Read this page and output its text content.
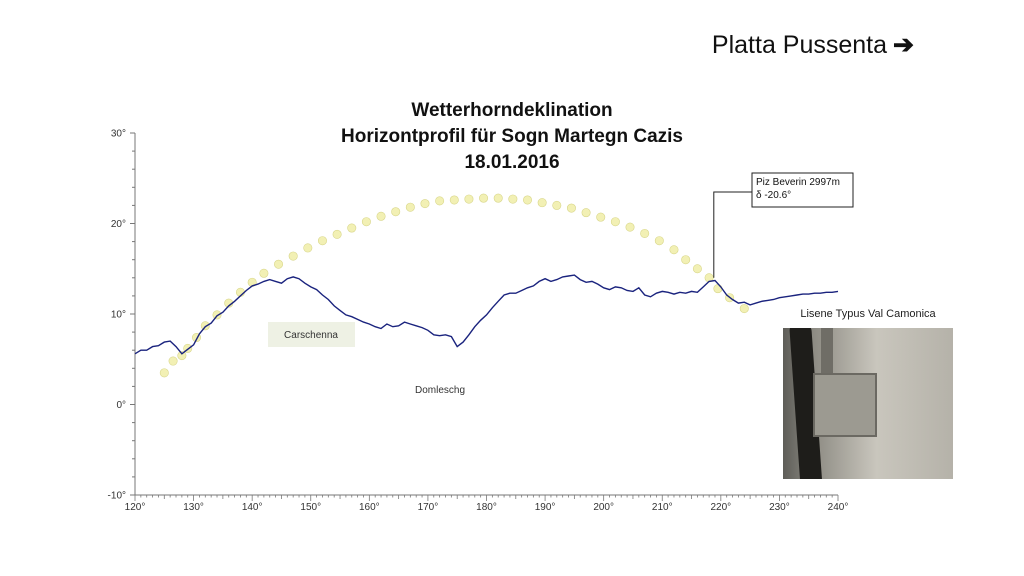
Platta Pussenta ➔
Wetterhorndeklination
Horizontprofil für Sogn Martegn Cazis
18.01.2016
-10°
0°
10°
20°
30°
120°	130°	140°	150°	160°	170°	180°	190°	200°	210°	220°	230°	240°
Piz Beverin 2997m
δ -20.6°
Carschenna
Domleschg
Lisene Typus Val Camonica
